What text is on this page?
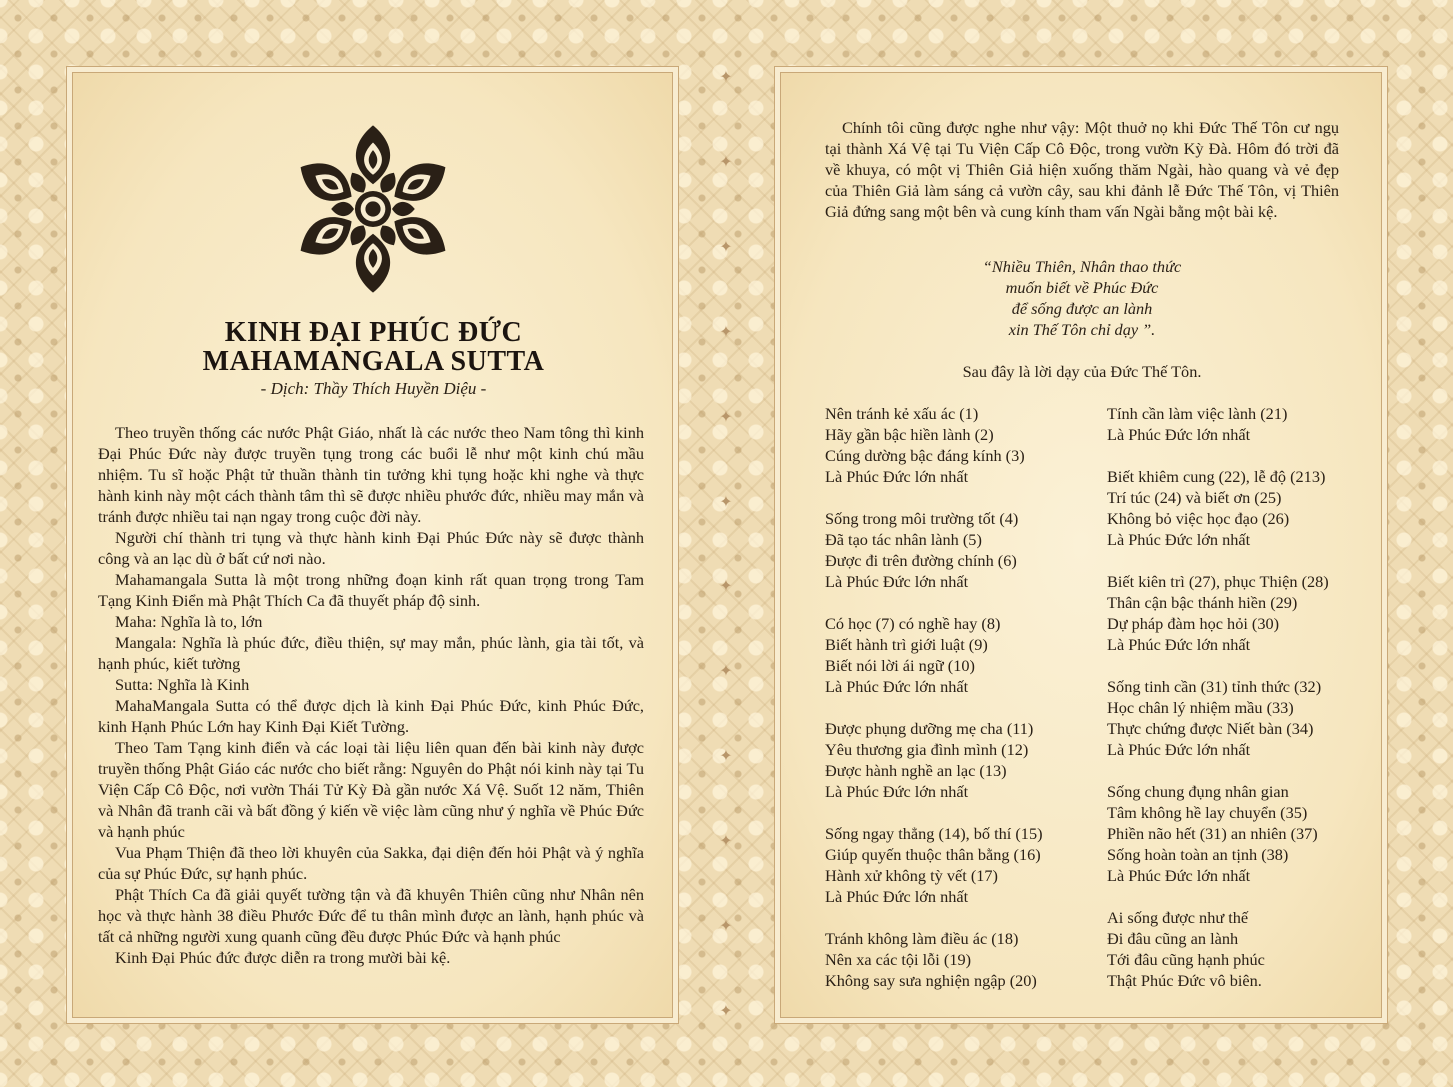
✦
✦
✦
✦
✦
✦
✦
✦
✦
✦
✦
✦
KINH ĐẠI PHÚC ĐỨC
MAHAMANGALA SUTTA
- Dịch: Thầy Thích Huyền Diệu -

Theo truyền thống các nước Phật Giáo, nhất là các nước theo Nam tông thì kinh Đại Phúc Đức này được truyền tụng trong các buổi lễ như một kinh chú mầu nhiệm. Tu sĩ hoặc Phật tử thuần thành tin tưởng khi tụng hoặc khi nghe và thực hành kinh này một cách thành tâm thì sẽ được nhiều phước đức, nhiều may mắn và tránh được nhiều tai nạn ngay trong cuộc đời này.

Người chí thành tri tụng và thực hành kinh Đại Phúc Đức này sẽ được thành công và an lạc dù ở bất cứ nơi nào.

Mahamangala Sutta là một trong những đoạn kinh rất quan trọng trong Tam Tạng Kinh Điển mà Phật Thích Ca đã thuyết pháp độ sinh.

Maha: Nghĩa là to, lớn

Mangala: Nghĩa là phúc đức, điều thiện, sự may mắn, phúc lành, gia tài tốt, và hạnh phúc, kiết tường

Sutta: Nghĩa là Kinh

MahaMangala Sutta có thể được dịch là kinh Đại Phúc Đức, kinh Phúc Đức, kinh Hạnh Phúc Lớn hay Kinh Đại Kiết Tường.

Theo Tam Tạng kinh điển và các loại tài liệu liên quan đến bài kinh này được truyền thống Phật Giáo các nước cho biết rằng: Nguyên do Phật nói kinh này tại Tu Viện Cấp Cô Độc, nơi vườn Thái Tử Kỳ Đà gần nước Xá Vệ. Suốt 12 năm, Thiên và Nhân đã tranh cãi và bất đồng ý kiến về việc làm cũng như ý nghĩa về Phúc Đức và hạnh phúc

Vua Phạm Thiện đã theo lời khuyên của Sakka, đại diện đến hỏi Phật và ý nghĩa của sự Phúc Đức, sự hạnh phúc.

Phật Thích Ca đã giải quyết tường tận và đã khuyên Thiên cũng như Nhân nên học và thực hành 38 điều Phước Đức để tu thân mình được an lành, hạnh phúc và tất cả những người xung quanh cũng đều được Phúc Đức và hạnh phúc

Kinh Đại Phúc đức được diễn ra trong mười bài kệ.

Chính tôi cũng được nghe như vậy: Một thuở nọ khi Đức Thế Tôn cư ngụ tại thành Xá Vệ tại Tu Viện Cấp Cô Độc, trong vườn Kỳ Đà. Hôm đó trời đã về khuya, có một vị Thiên Giả hiện xuống thăm Ngài, hào quang và vẻ đẹp của Thiên Giả làm sáng cả vườn cây, sau khi đảnh lễ Đức Thế Tôn, vị Thiên Giả đứng sang một bên và cung kính tham vấn Ngài bằng một bài kệ.

“Nhiều Thiên, Nhân thao thức
muốn biết về Phúc Đức
để sống được an lành
xin Thế Tôn chỉ dạy ”.

Sau đây là lời dạy của Đức Thế Tôn.

Nên tránh kẻ xấu ác (1)
Hãy gần bậc hiền lành (2)
Cúng dường bậc đáng kính (3)
Là Phúc Đức lớn nhất
Sống trong môi trường tốt (4)
Đã tạo tác nhân lành (5)
Được đi trên đường chính (6)
Là Phúc Đức lớn nhất
Có học (7) có nghề hay (8)
Biết hành trì giới luật (9)
Biết nói lời ái ngữ (10)
Là Phúc Đức lớn nhất
Được phụng dưỡng mẹ cha (11)
Yêu thương gia đình mình (12)
Được hành nghề an lạc (13)
Là Phúc Đức lớn nhất
Sống ngay thẳng (14), bố thí (15)
Giúp quyến thuộc thân bằng (16)
Hành xử không tỳ vết (17)
Là Phúc Đức lớn nhất
Tránh không làm điều ác (18)
Nên xa các tội lỗi (19)
Không say sưa nghiện ngập (20)
Tính cần làm việc lành (21)
Là Phúc Đức lớn nhất
Biết khiêm cung (22), lễ độ (213)
Trí túc (24) và biết ơn (25)
Không bỏ việc học đạo (26)
Là Phúc Đức lớn nhất
Biết kiên trì (27), phục Thiện (28)
Thân cận bậc thánh hiền (29)
Dự pháp đàm học hỏi (30)
Là Phúc Đức lớn nhất
Sống tinh cần (31) tỉnh thức (32)
Học chân lý nhiệm mầu (33)
Thực chứng được Niết bàn (34)
Là Phúc Đức lớn nhất
Sống chung đụng nhân gian
Tâm không hề lay chuyển (35)
Phiền não hết (31) an nhiên (37)
Sống hoàn toàn an tịnh (38)
Là Phúc Đức lớn nhất
Ai sống được như thế
Đi đâu cũng an lành
Tới đâu cũng hạnh phúc
Thật Phúc Đức vô biên.
